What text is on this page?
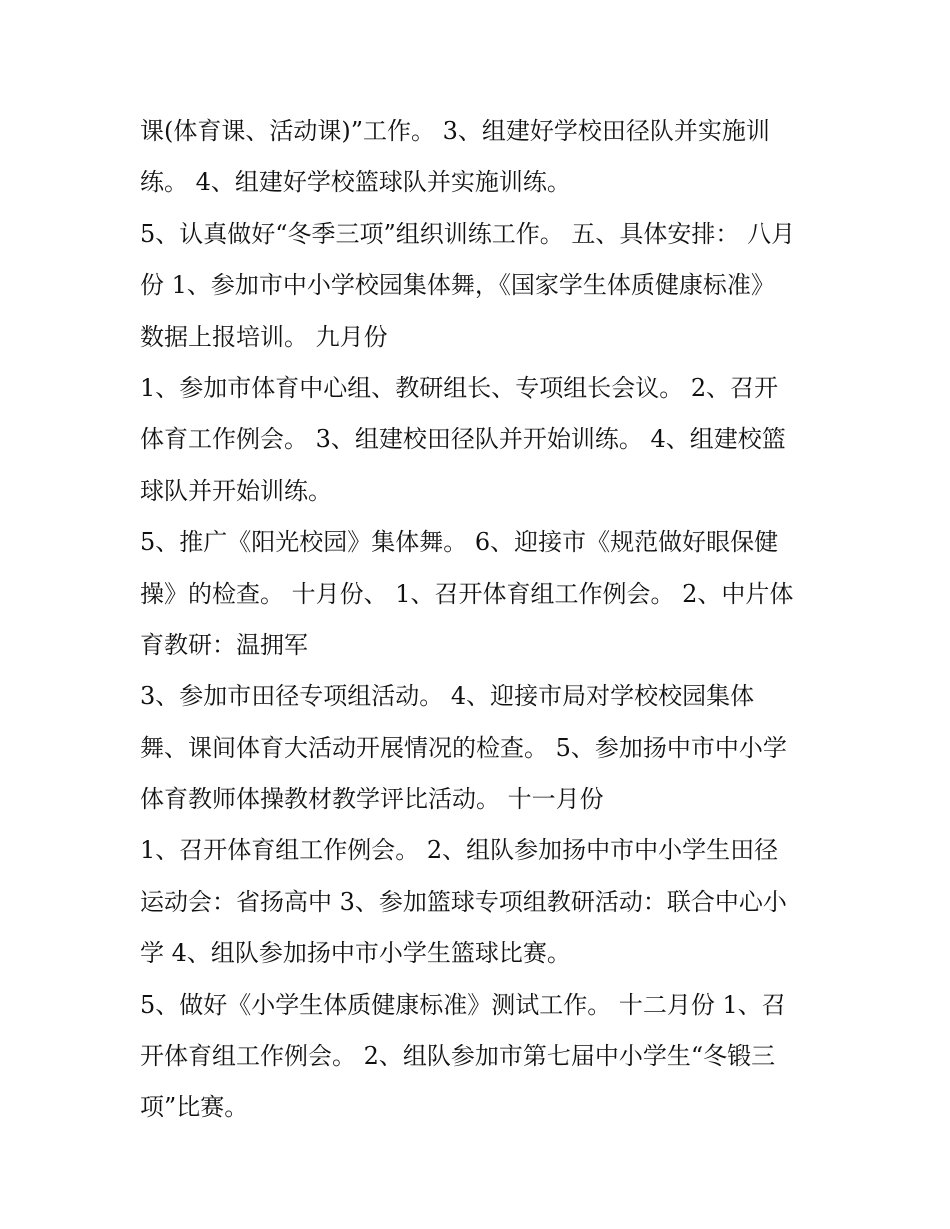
课(体育课、活动课)”工作。 3、组建好学校田径队并实施训

练。 4、组建好学校篮球队并实施训练。

5、认真做好“冬季三项”组织训练工作。 五、具体安排： 八月

份 1、参加市中小学校园集体舞，《国家学生体质健康标准》

数据上报培训。 九月份

1、参加市体育中心组、教研组长、专项组长会议。 2、召开

体育工作例会。 3、组建校田径队并开始训练。 4、组建校篮

球队并开始训练。

5、推广《阳光校园》集体舞。 6、迎接市《规范做好眼保健

操》的检查。 十月份、 1、召开体育组工作例会。 2、中片体

育教研：温拥军

3、参加市田径专项组活动。 4、迎接市局对学校校园集体

舞、课间体育大活动开展情况的检查。 5、参加扬中市中小学

体育教师体操教材教学评比活动。 十一月份

1、召开体育组工作例会。 2、组队参加扬中市中小学生田径

运动会：省扬高中 3、参加篮球专项组教研活动：联合中心小

学 4、组队参加扬中市小学生篮球比赛。

5、做好《小学生体质健康标准》测试工作。 十二月份 1、召

开体育组工作例会。 2、组队参加市第七届中小学生“冬锻三

项”比赛。
